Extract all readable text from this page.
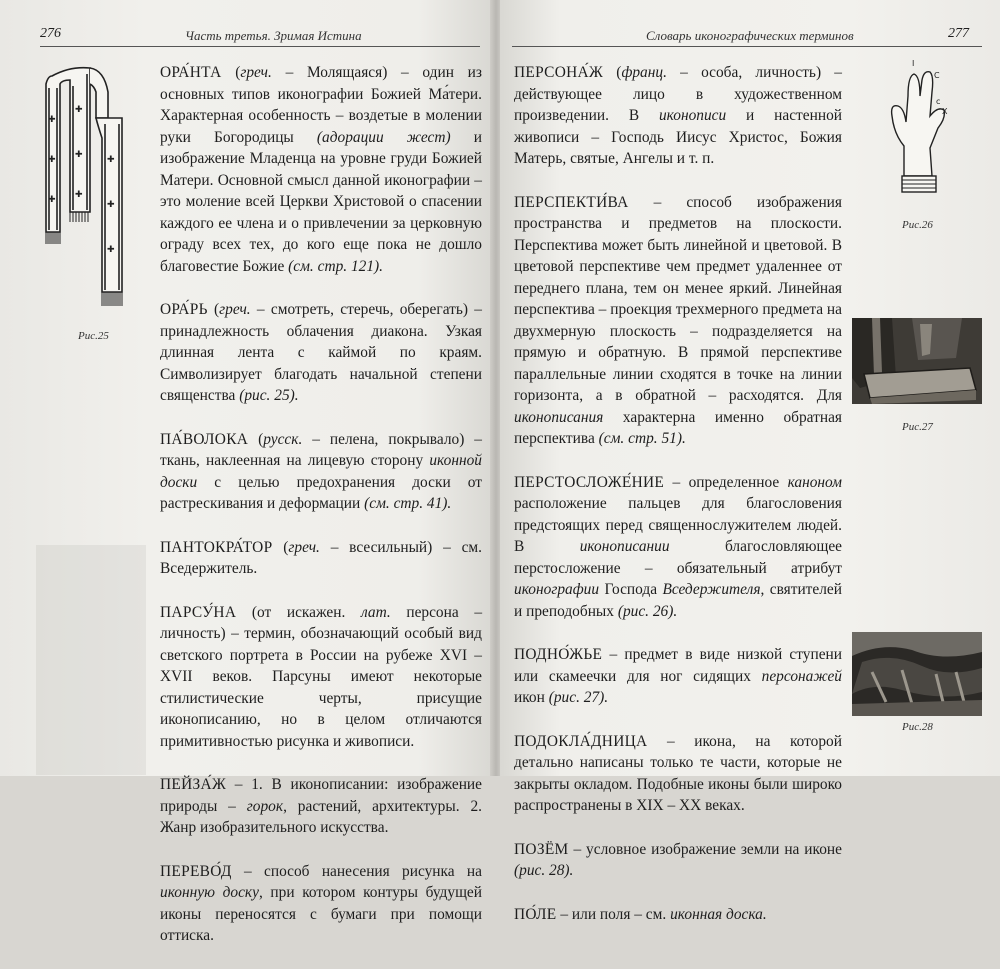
276	Часть третья. Зримая Истина
✚
✚
✚
✚
✚
✚
✚
✚
✚
Рис.25

ОРА́НТА (греч. – Молящаяся) – один из основных типов иконографии Божией Ма́тери. Характерная особенность – воздетые в молении руки Богородицы (адорации жест) и изображение Младенца на уровне груди Божией Матери. Основной смысл данной иконографии – это моление всей Церкви Христовой о спасении каждого ее члена и о привлечении за церковную ограду всех тех, до кого еще пока не дошло благовестие Божие (см. стр. 121).

ОРА́РЬ (греч. – смотреть, стеречь, оберегать) – принадлежность облачения диакона. Узкая длинная лента с каймой по краям. Символизирует благодать начальной степени священства (рис. 25).

ПА́ВОЛОКА (русск. – пелена, покрывало) – ткань, наклеенная на лицевую сторону иконной доски с целью предохранения доски от растрескивания и деформации (см. стр. 41).

ПАНТОКРА́ТОР (греч. – всесильный) – см. Вседержитель.

ПАРСУ́НА (от искажен. лат. персона – личность) – термин, обозначающий особый вид светского портрета в России на рубеже XVI – XVII веков. Парсуны имеют некоторые стилистические черты, присущие иконописанию, но в целом отличаются примитивностью рисунка и живописи.

ПЕЙЗА́Ж – 1. В иконописании: изображение природы – горок, растений, архитектуры. 2. Жанр изобразительного искусства.

ПЕРЕВО́Д – способ нанесения рисунка на иконную доску, при котором контуры будущей иконы переносятся с бумаги при помощи оттиска.

Словарь иконографических терминов	277

ПЕРСОНА́Ж (франц. – особа, личность) – действующее лицо в художественном произведении. В иконописи и настенной живописи – Господь Иисус Христос, Божия Матерь, святые, Ангелы и т. п.

ПЕРСПЕКТИ́ВА – способ изображения пространства и предметов на плоскости. Перспектива может быть линейной и цветовой. В цветовой перспективе чем предмет удаленнее от переднего плана, тем он менее яркий. Линейная перспектива – проекция трехмерного предмета на двухмерную плоскость – подразделяется на прямую и обратную. В прямой перспективе параллельные линии сходятся в точке на линии горизонта, а в обратной – расходятся. Для иконописания характерна именно обратная перспектива (см. стр. 51).

ПЕРСТОСЛОЖЕ́НИЕ – определенное каноном расположение пальцев для благословения предстоящих перед священнослужителем людей. В иконописании благословляющее перстосложение – обязательный атрибут иконографии Господа Вседержителя, святителей и преподобных (рис. 26).

ПОДНО́ЖЬЕ – предмет в виде низкой ступени или скамеечки для ног сидящих персонажей икон (рис. 27).

ПОДОКЛА́ДНИЦА – икона, на которой детально написаны только те части, которые не закрыты окладом. Подобные иконы были широко распространены в XIX – XX веках.

ПОЗЁМ – условное изображение земли на иконе (рис. 28).

ПО́ЛЕ – или поля – см. иконная доска.

I
C
X
c
Рис.26
Рис.27
Рис.28
